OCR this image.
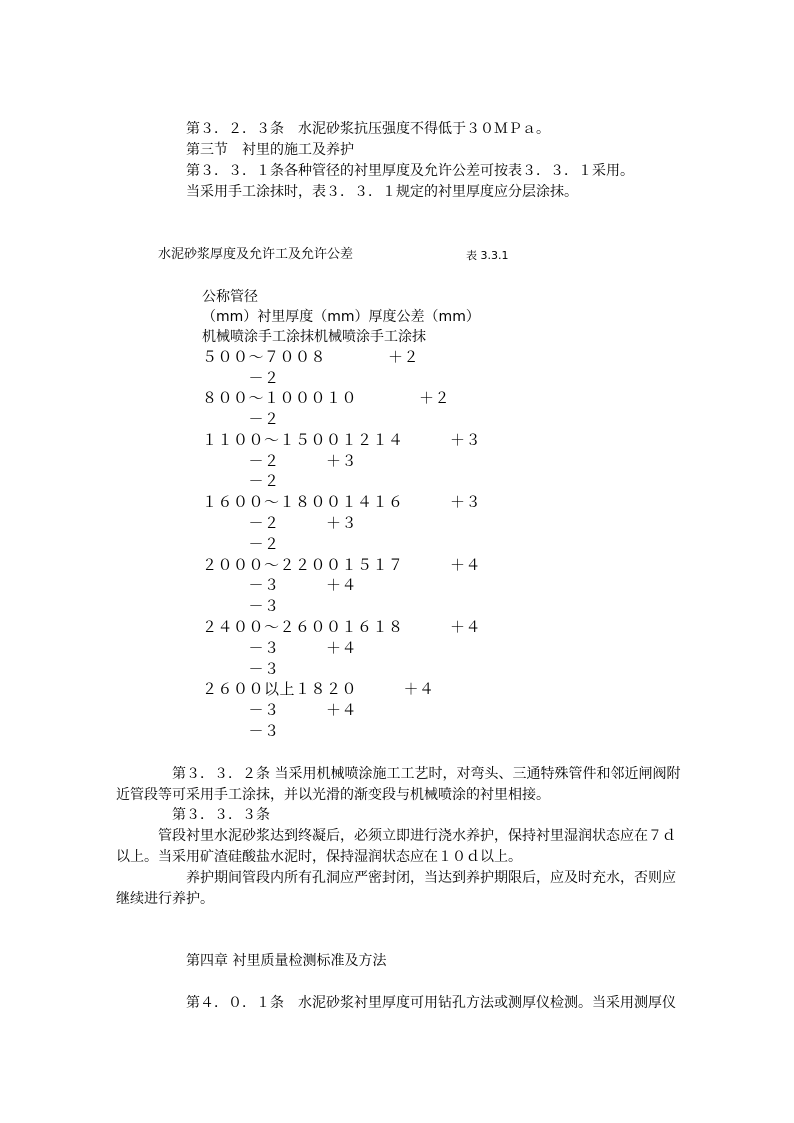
第３．２．３条　水泥砂浆抗压强度不得低于３０ＭＰａ。
第三节　衬里的施工及养护
第３．３．１条各种管径的衬里厚度及允许公差可按表３．３．１采用。
当采用手工涂抹时，表３．３．１规定的衬里厚度应分层涂抹。
水泥砂浆厚度及允许工及允许公差	表 3.3.1
公称管径
（mm）衬里厚度（mm）厚度公差（mm）
机械喷涂手工涂抹机械喷涂手工涂抹
５００～７００８　　　　＋２
　　　－２
８００～１０００１０　　　　＋２
　　　－２
１１００～１５００１２１４　　　＋３
　　　－２　　　＋３
　　　－２
１６００～１８００１４１６　　　＋３
　　　－２　　　＋３
　　　－２
２０００～２２００１５１７　　　＋４
　　　－３　　　＋４
　　　－３
２４００～２６００１６１８　　　＋４
　　　－３　　　＋４
　　　－３
２６００以上１８２０　　　＋４
　　　－３　　　＋４
　　　－３
第３．３．２条 当采用机械喷涂施工工艺时，对弯头、三通特殊管件和邻近闸阀附
近管段等可采用手工涂抹，并以光滑的渐变段与机械喷涂的衬里相接。
第３．３．３条
管段衬里水泥砂浆达到终凝后，必须立即进行浇水养护，保持衬里湿润状态应在７ｄ
以上。当采用矿渣硅酸盐水泥时，保持湿润状态应在１０ｄ以上。
养护期间管段内所有孔洞应严密封闭，当达到养护期限后，应及时充水，否则应
继续进行养护。
第四章 衬里质量检测标准及方法
第４．０．１条　水泥砂浆衬里厚度可用钻孔方法或测厚仪检测。当采用测厚仪
